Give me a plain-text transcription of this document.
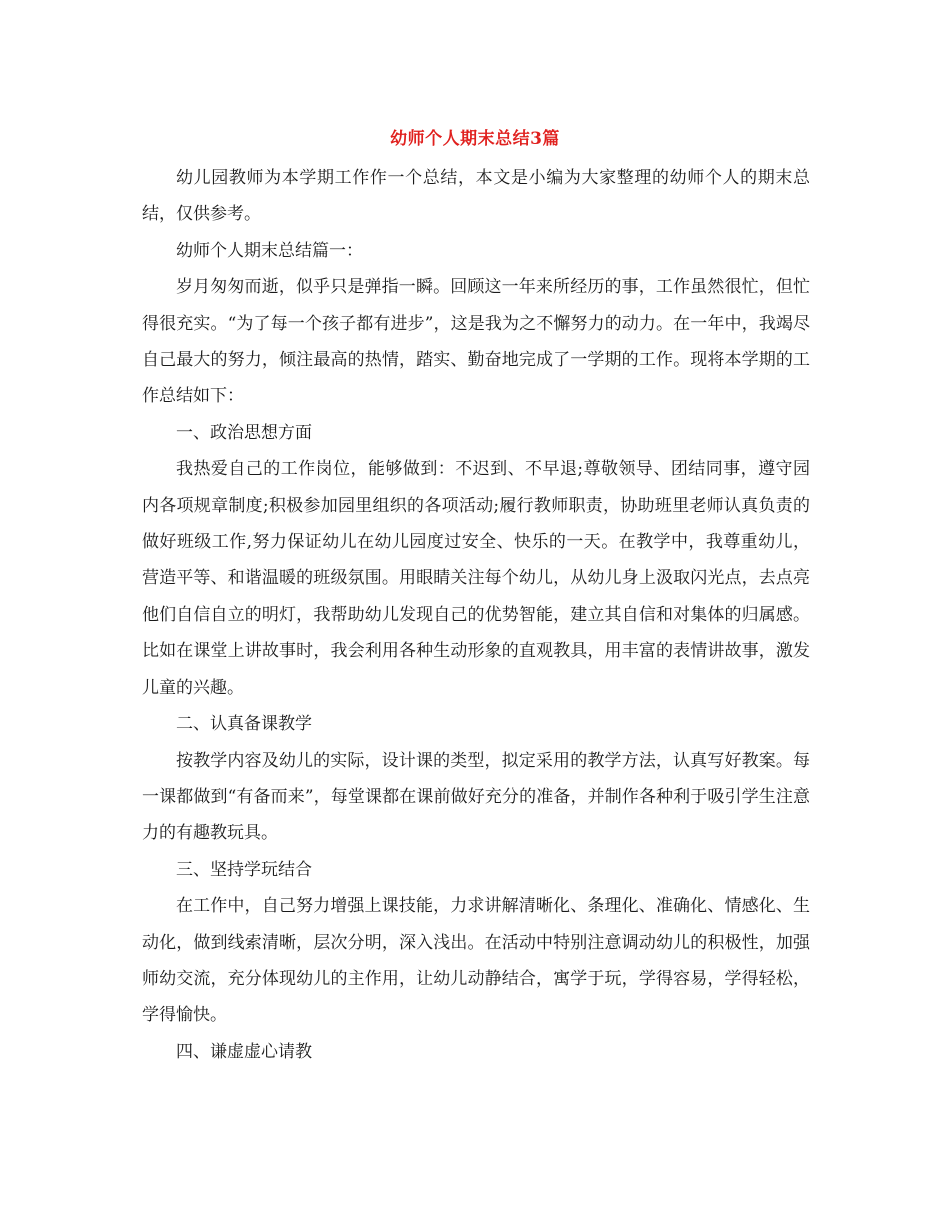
幼师个人期末总结3篇

幼儿园教师为本学期工作作一个总结，本文是小编为大家整理的幼师个人的期末总结，仅供参考。

幼师个人期末总结篇一：

岁月匆匆而逝，似乎只是弹指一瞬。回顾这一年来所经历的事，工作虽然很忙，但忙得很充实。“为了每一个孩子都有进步”，这是我为之不懈努力的动力。在一年中，我竭尽自己最大的努力，倾注最高的热情，踏实、勤奋地完成了一学期的工作。现将本学期的工作总结如下：

一、政治思想方面

我热爱自己的工作岗位，能够做到：不迟到、不早退;尊敬领导、团结同事，遵守园内各项规章制度;积极参加园里组织的各项活动;履行教师职责，协助班里老师认真负责的做好班级工作,努力保证幼儿在幼儿园度过安全、快乐的一天。在教学中，我尊重幼儿，营造平等、和谐温暖的班级氛围。用眼睛关注每个幼儿，从幼儿身上汲取闪光点，去点亮他们自信自立的明灯，我帮助幼儿发现自己的优势智能，建立其自信和对集体的归属感。比如在课堂上讲故事时，我会利用各种生动形象的直观教具，用丰富的表情讲故事，激发儿童的兴趣。

二、认真备课教学

按教学内容及幼儿的实际，设计课的类型，拟定采用的教学方法，认真写好教案。每一课都做到“有备而来”，每堂课都在课前做好充分的准备，并制作各种利于吸引学生注意力的有趣教玩具。

三、坚持学玩结合

在工作中，自己努力增强上课技能，力求讲解清晰化、条理化、准确化、情感化、生动化，做到线索清晰，层次分明，深入浅出。在活动中特别注意调动幼儿的积极性，加强师幼交流，充分体现幼儿的主作用，让幼儿动静结合，寓学于玩，学得容易，学得轻松，学得愉快。

四、谦虚虚心请教
